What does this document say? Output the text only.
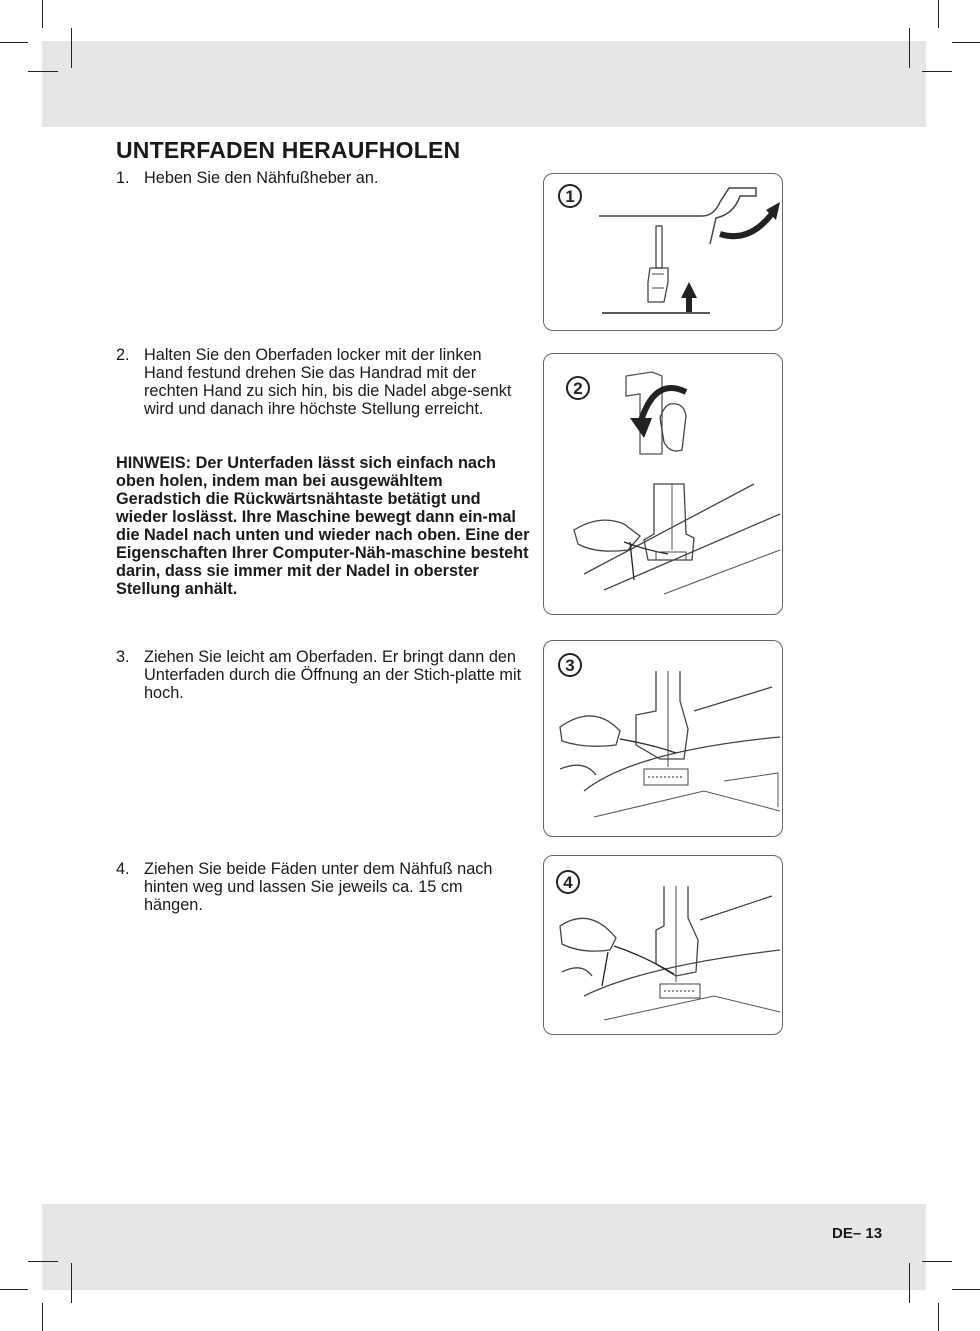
UNTERFADEN HERAUFHOLEN
1. Heben Sie den Nähfußheber an.
2. Halten Sie den Oberfaden locker mit der linken Hand festund drehen Sie das Handrad mit der rechten Hand zu sich hin, bis die Nadel abge-senkt wird und danach ihre höchste Stellung erreicht.
HINWEIS: Der Unterfaden lässt sich einfach nach oben holen, indem man bei ausgewähltem Geradstich die Rückwärtsnähtaste betätigt und wieder loslässt. Ihre Maschine bewegt dann ein-mal die Nadel nach unten und wieder nach oben. Eine der Eigenschaften Ihrer Computer-Näh-maschine besteht darin, dass sie immer mit der Nadel in oberster Stellung anhält.
3. Ziehen Sie leicht am Oberfaden. Er bringt dann den Unterfaden durch die Öffnung an der Stich-platte mit hoch.
4. Ziehen Sie beide Fäden unter dem Nähfuß nach hinten weg und lassen Sie jeweils ca. 15 cm hängen.
1
2
3
4
DE– 13
